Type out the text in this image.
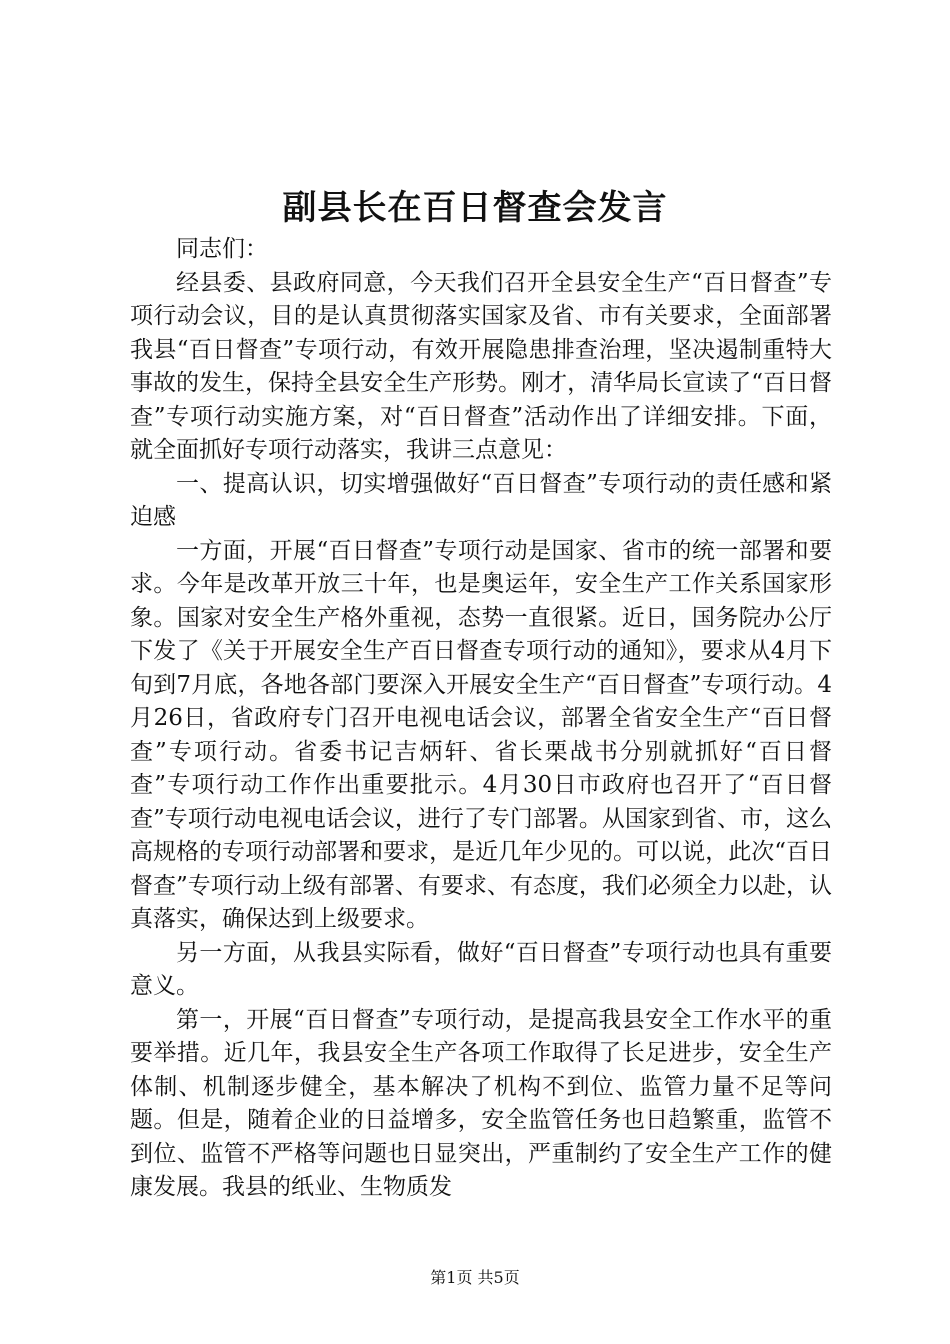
副县长在百日督查会发言

同志们：

经县委、县政府同意，今天我们召开全县安全生产“百日督查”专项行动会议，目的是认真贯彻落实国家及省、市有关要求，全面部署我县“百日督查”专项行动，有效开展隐患排查治理，坚决遏制重特大事故的发生，保持全县安全生产形势。刚才，清华局长宣读了“百日督查”专项行动实施方案，对“百日督查”活动作出了详细安排。下面，就全面抓好专项行动落实，我讲三点意见：

一、提高认识，切实增强做好“百日督查”专项行动的责任感和紧迫感

一方面，开展“百日督查”专项行动是国家、省市的统一部署和要求。今年是改革开放三十年，也是奥运年，安全生产工作关系国家形象。国家对安全生产格外重视，态势一直很紧。近日，国务院办公厅下发了《关于开展安全生产百日督查专项行动的通知》，要求从4月下旬到7月底，各地各部门要深入开展安全生产“百日督查”专项行动。4月26日，省政府专门召开电视电话会议，部署全省安全生产“百日督查”专项行动。省委书记吉炳轩、省长栗战书分别就抓好“百日督查”专项行动工作作出重要批示。4月30日市政府也召开了“百日督查”专项行动电视电话会议，进行了专门部署。从国家到省、市，这么高规格的专项行动部署和要求，是近几年少见的。可以说，此次“百日督查”专项行动上级有部署、有要求、有态度，我们必须全力以赴，认真落实，确保达到上级要求。

另一方面，从我县实际看，做好“百日督查”专项行动也具有重要意义。

第一，开展“百日督查”专项行动，是提高我县安全工作水平的重要举措。近几年，我县安全生产各项工作取得了长足进步，安全生产体制、机制逐步健全，基本解决了机构不到位、监管力量不足等问题。但是，随着企业的日益增多，安全监管任务也日趋繁重，监管不到位、监管不严格等问题也日显突出，严重制约了安全生产工作的健康发展。我县的纸业、生物质发

第1页 共5页
